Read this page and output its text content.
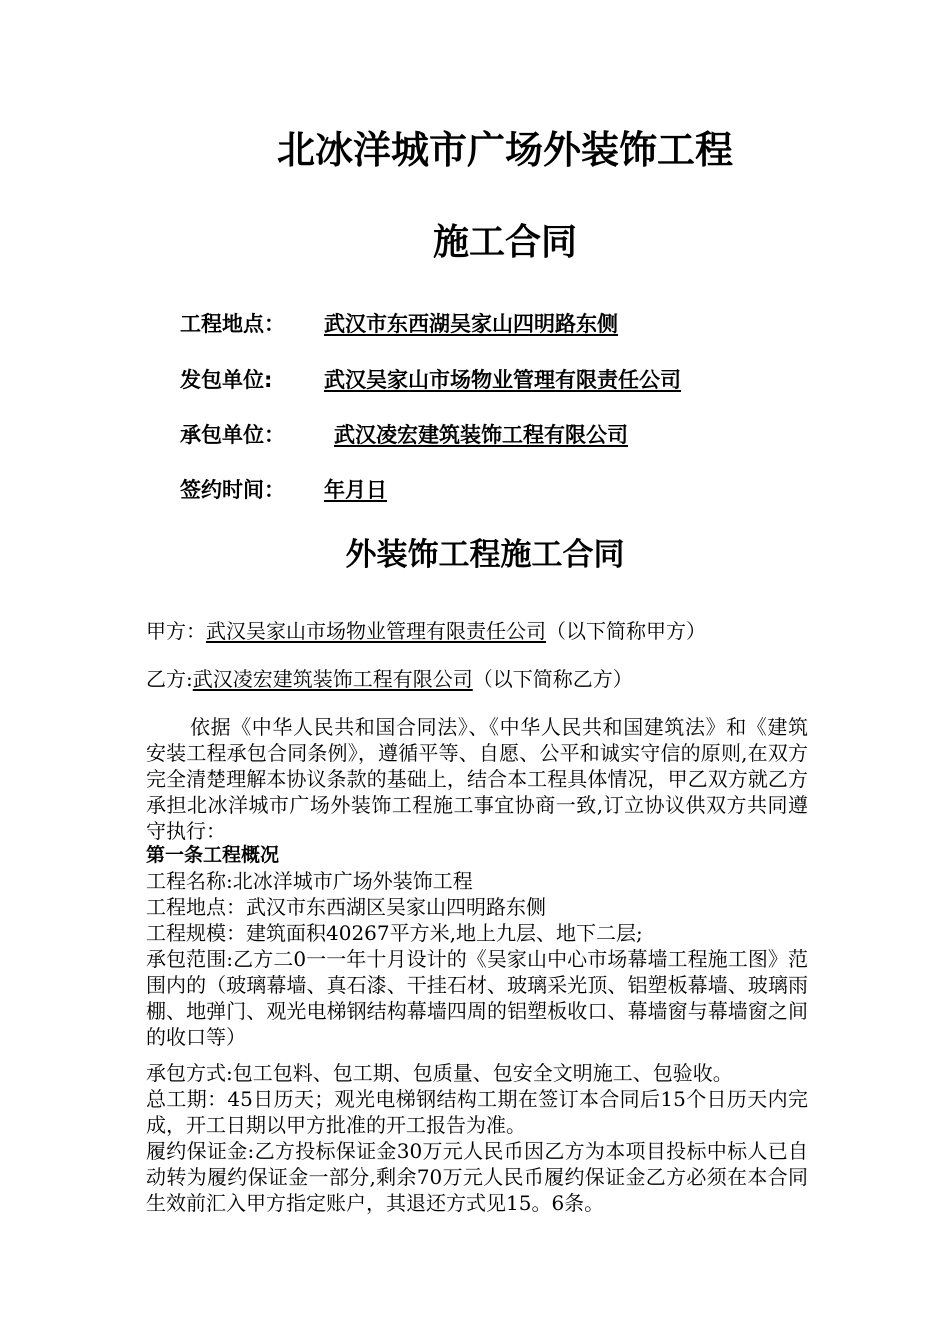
北冰洋城市广场外装饰工程
施工合同
工程地点： 武汉市东西湖吴家山四明路东侧
发包单位: 武汉吴家山市场物业管理有限责任公司
承包单位： 武汉凌宏建筑装饰工程有限公司
签约时间： 年月日
外装饰工程施工合同
甲方：武汉吴家山市场物业管理有限责任公司（以下简称甲方）
乙方:武汉凌宏建筑装饰工程有限公司（以下简称乙方）

依据《中华人民共和国合同法》、《中华人民共和国建筑法》和《建筑安装工程承包合同条例》，遵循平等、自愿、公平和诚实守信的原则,在双方完全清楚理解本协议条款的基础上，结合本工程具体情况，甲乙双方就乙方承担北冰洋城市广场外装饰工程施工事宜协商一致,订立协议供双方共同遵守执行：

第一条工程概况

工程名称:北冰洋城市广场外装饰工程

工程地点：武汉市东西湖区吴家山四明路东侧

工程规模：建筑面积40267平方米,地上九层、地下二层;

承包范围:乙方二0一一年十月设计的《吴家山中心市场幕墙工程施工图》范围内的（玻璃幕墙、真石漆、干挂石材、玻璃采光顶、铝塑板幕墙、玻璃雨棚、地弹门、观光电梯钢结构幕墙四周的铝塑板收口、幕墙窗与幕墙窗之间的收口等）

承包方式:包工包料、包工期、包质量、包安全文明施工、包验收。

总工期：45日历天；观光电梯钢结构工期在签订本合同后15个日历天内完成，开工日期以甲方批准的开工报告为准。

履约保证金:乙方投标保证金30万元人民币因乙方为本项目投标中标人已自动转为履约保证金一部分,剩余70万元人民币履约保证金乙方必须在本合同生效前汇入甲方指定账户，其退还方式见15。6条。
